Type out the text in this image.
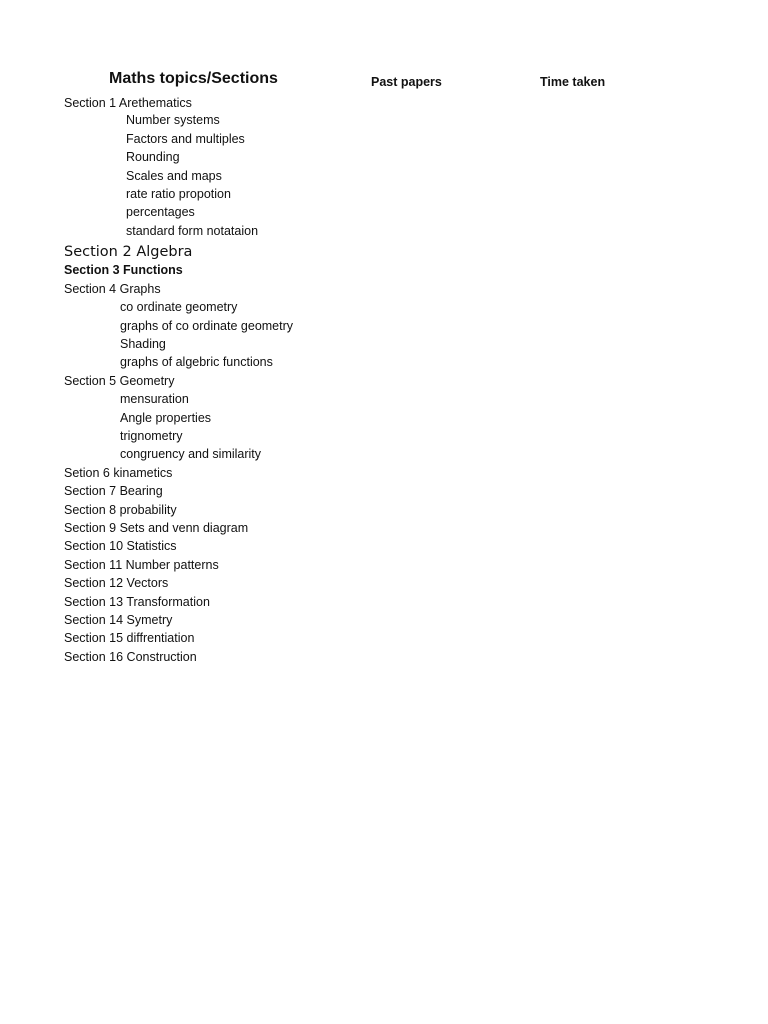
Maths topics/Sections	Past papers	Time taken
Section 1 Arethematics
Number systems
Factors and multiples
Rounding
Scales and maps
rate ratio propotion
percentages
standard form notataion
Section 2 Algebra
Section 3 Functions
Section 4 Graphs
co ordinate geometry
graphs of co ordinate geometry
Shading
graphs of algebric functions
Section 5 Geometry
mensuration
Angle properties
trignometry
congruency and similarity
Setion 6 kinametics
Section 7 Bearing
Section 8 probability
Section 9 Sets and venn diagram
Section 10 Statistics
Section 11 Number patterns
Section 12 Vectors
Section 13 Transformation
Section 14 Symetry
Section 15 diffrentiation
Section 16 Construction
